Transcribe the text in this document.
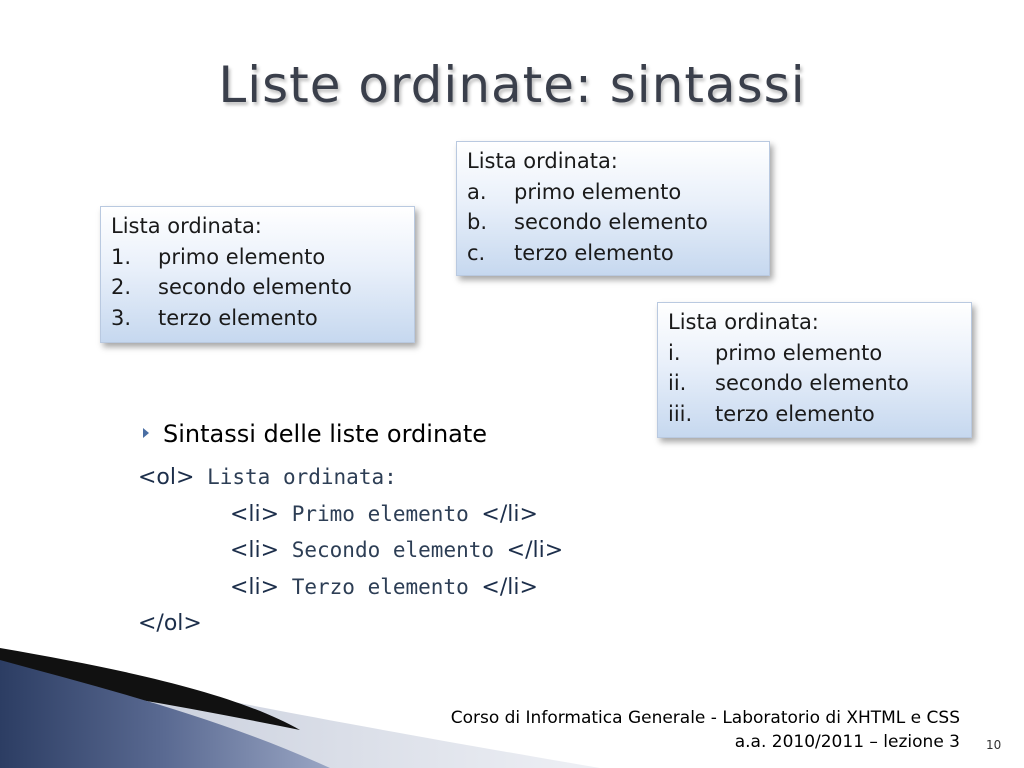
Liste ordinate: sintassi
Lista ordinata:
1. primo elemento
2. secondo elemento
3. terzo elemento
Lista ordinata:
a. primo elemento
b. secondo elemento
c. terzo elemento
Lista ordinata:
i. primo elemento
ii. secondo elemento
iii. terzo elemento
Sintassi delle liste ordinate
<ol> Lista ordinata:
<li> Primo elemento </li>
<li> Secondo elemento </li>
<li> Terzo elemento </li>
</ol>
Corso di Informatica Generale - Laboratorio di XHTML e CSS
a.a. 2010/2011 – lezione 3 10
